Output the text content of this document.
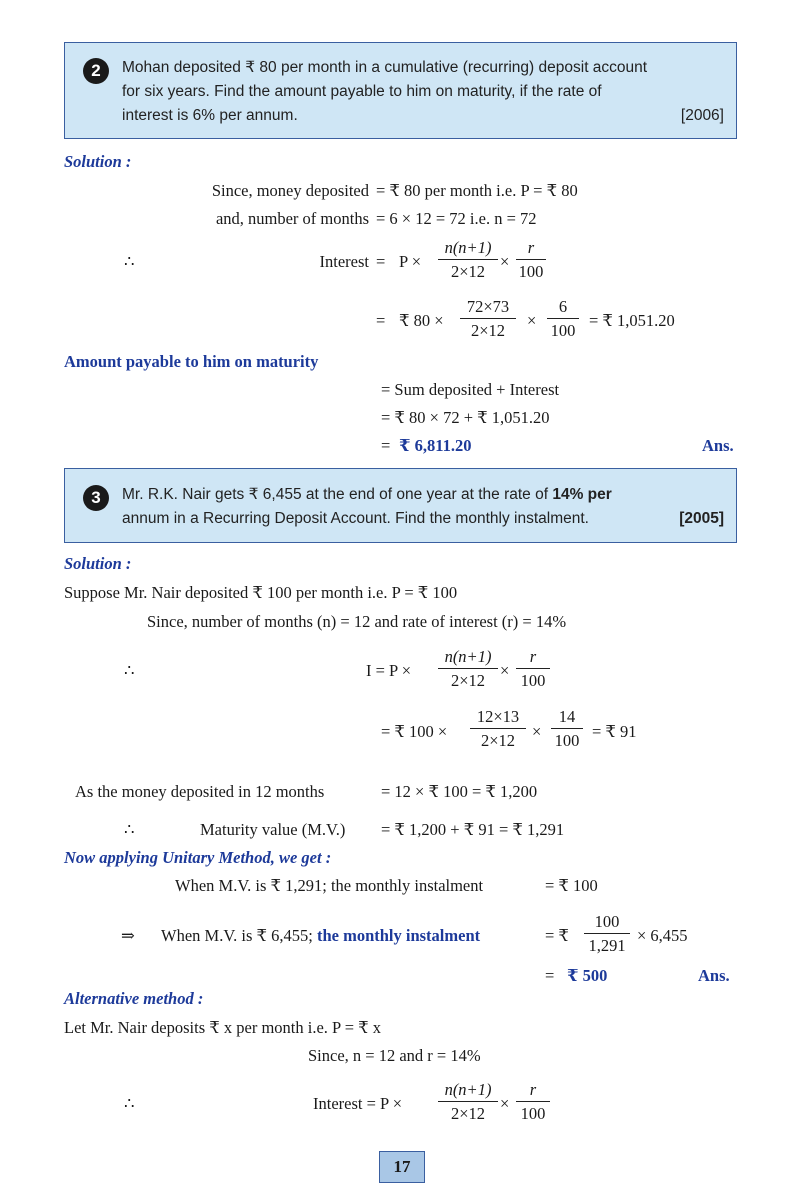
2	Mohan deposited ₹ 80 per month in a cumulative (recurring) deposit account
for six years. Find the amount payable to him on maturity, if the rate of
interest is 6% per annum.	[2006]
Solution :
Since, money deposited = ₹ 80 per month i.e. P = ₹ 80
and, number of months = 6 × 12 = 72 i.e. n = 72
∴	Interest = $P \times \frac{n(n+1)}{2\times 12} \times \frac{r}{100}$
= ₹ $80 \times \frac{72\times 73}{2\times 12} \times \frac{6}{100}$ = ₹ 1,051.20
Amount payable to him on maturity
= Sum deposited + Interest
= ₹ 80 × 72 + ₹ 1,051.20
= ₹ 6,811.20	Ans.
3	Mr. R.K. Nair gets ₹ 6,455 at the end of one year at the rate of 14% per
annum in a Recurring Deposit Account. Find the monthly instalment.	[2005]
Solution :
Suppose Mr. Nair deposited ₹ 100 per month i.e. P = ₹ 100
Since, number of months (n) = 12 and rate of interest (r) = 14%
∴	$I = P \times \frac{n(n+1)}{2\times 12} \times \frac{r}{100}$
= ₹ $100 \times \frac{12\times 13}{2\times 12} \times \frac{14}{100}$ = ₹ 91
As the money deposited in 12 months	= 12 × ₹ 100 = ₹ 1,200
∴	Maturity value (M.V.) = ₹ 1,200 + ₹ 91 = ₹ 1,291
Now applying Unitary Method, we get :
When M.V. is ₹ 1,291; the monthly instalment	= ₹ 100
⇒ When M.V. is ₹ 6,455; the monthly instalment	= ₹ $\frac{100}{1,291} \times 6,455$
= ₹ 500	Ans.
Alternative method :
Let Mr. Nair deposits ₹ x per month i.e. P = ₹ x
Since, n = 12 and r = 14%
∴	Interest = $P \times \frac{n(n+1)}{2\times 12} \times \frac{r}{100}$
17
